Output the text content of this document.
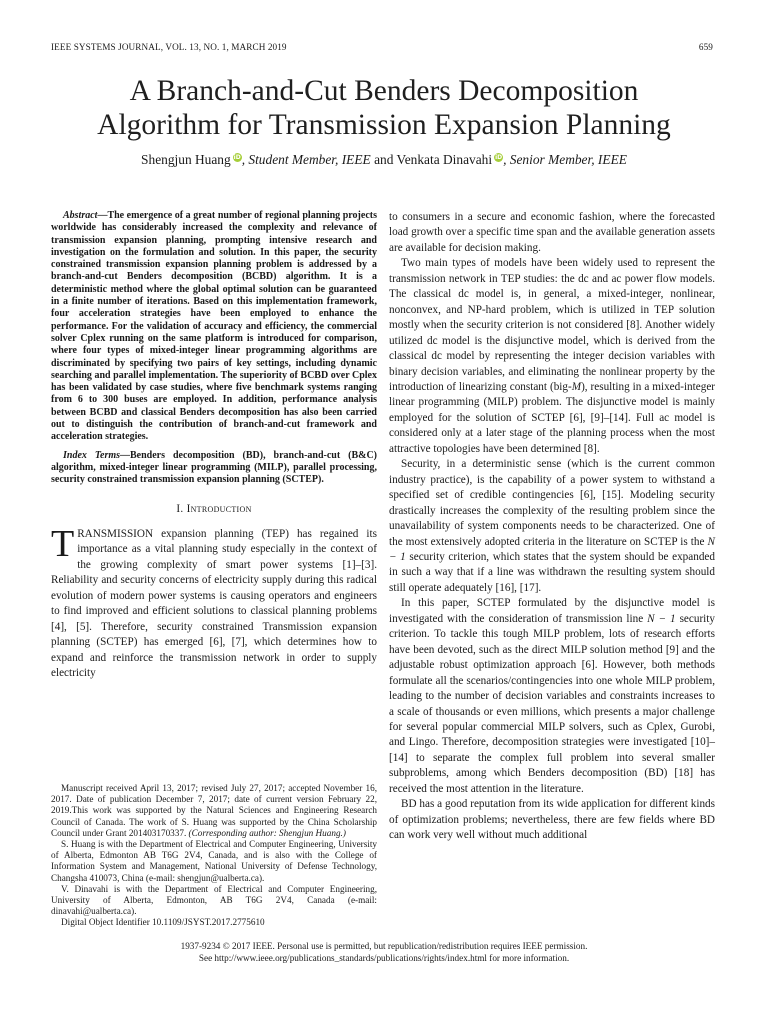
IEEE SYSTEMS JOURNAL, VOL. 13, NO. 1, MARCH 2019	659
A Branch-and-Cut Benders Decomposition
Algorithm for Transmission Expansion Planning
Shengjun Huang iD, Student Member, IEEE and Venkata Dinavahi iD, Senior Member, IEEE

Abstract—The emergence of a great number of regional planning projects worldwide has considerably increased the complexity and relevance of transmission expansion planning, prompting intensive research and investigation on the formulation and solution. In this paper, the security constrained transmission expansion planning problem is addressed by a branch-and-cut Benders decomposition (BCBD) algorithm. It is a deterministic method where the global optimal solution can be guaranteed in a finite number of iterations. Based on this implementation framework, four acceleration strategies have been employed to enhance the performance. For the validation of accuracy and efficiency, the commercial solver Cplex running on the same platform is introduced for comparison, where four types of mixed-integer linear programming algorithms are discriminated by specifying two pairs of key settings, including dynamic searching and parallel implementation. The superiority of BCBD over Cplex has been validated by case studies, where five benchmark systems ranging from 6 to 300 buses are employed. In addition, performance analysis between BCBD and classical Benders decomposition has also been carried out to distinguish the contribution of branch-and-cut framework and acceleration strategies.

Index Terms—Benders decomposition (BD), branch-and-cut (B&C) algorithm, mixed-integer linear programming (MILP), parallel processing, security constrained transmission expansion planning (SCTEP).

I. Introduction

TRANSMISSION expansion planning (TEP) has regained its importance as a vital planning study especially in the context of the growing complexity of smart power systems [1]–[3]. Reliability and security concerns of electricity supply during this radical evolution of modern power systems is causing operators and engineers to find improved and efficient solutions to classical planning problems [4], [5]. Therefore, security constrained Transmission expansion planning (SCTEP) has emerged [6], [7], which determines how to expand and reinforce the transmission network in order to supply electricity

Manuscript received April 13, 2017; revised July 27, 2017; accepted November 16, 2017. Date of publication December 7, 2017; date of current version February 22, 2019.This work was supported by the Natural Sciences and Engineering Research Council of Canada. The work of S. Huang was supported by the China Scholarship Council under Grant 201403170337. (Corresponding author: Shengjun Huang.)

S. Huang is with the Department of Electrical and Computer Engineering, University of Alberta, Edmonton AB T6G 2V4, Canada, and is also with the College of Information System and Management, National University of Defense Technology, Changsha 410073, China (e-mail: shengjun@ualberta.ca).

V. Dinavahi is with the Department of Electrical and Computer Engineering, University of Alberta, Edmonton, AB T6G 2V4, Canada (e-mail: dinavahi@ualberta.ca).

Digital Object Identifier 10.1109/JSYST.2017.2775610

to consumers in a secure and economic fashion, where the forecasted load growth over a specific time span and the available generation assets are available for decision making.

Two main types of models have been widely used to represent the transmission network in TEP studies: the dc and ac power flow models. The classical dc model is, in general, a mixed-integer, nonlinear, nonconvex, and NP-hard problem, which is utilized in TEP solution mostly when the security criterion is not considered [8]. Another widely utilized dc model is the disjunctive model, which is derived from the classical dc model by representing the integer decision variables with binary decision variables, and eliminating the nonlinear property by the introduction of linearizing constant (big-M), resulting in a mixed-integer linear programming (MILP) problem. The disjunctive model is mainly employed for the solution of SCTEP [6], [9]–[14]. Full ac model is considered only at a later stage of the planning process when the most attractive topologies have been determined [8].

Security, in a deterministic sense (which is the current common industry practice), is the capability of a power system to withstand a specified set of credible contingencies [6], [15]. Modeling security drastically increases the complexity of the resulting problem since the unavailability of system components needs to be characterized. One of the most extensively adopted criteria in the literature on SCTEP is the N − 1 security criterion, which states that the system should be expanded in such a way that if a line was withdrawn the resulting system should still operate adequately [16], [17].

In this paper, SCTEP formulated by the disjunctive model is investigated with the consideration of transmission line N − 1 security criterion. To tackle this tough MILP problem, lots of research efforts have been devoted, such as the direct MILP solution method [9] and the adjustable robust optimization approach [6]. However, both methods formulate all the scenarios/contingencies into one whole MILP problem, leading to the number of decision variables and constraints increases to a scale of thousands or even millions, which presents a major challenge for several popular commercial MILP solvers, such as Cplex, Gurobi, and Lingo. Therefore, decomposition strategies were investigated [10]–[14] to separate the complex full problem into several smaller subproblems, among which Benders decomposition (BD) [18] has received the most attention in the literature.

BD has a good reputation from its wide application for different kinds of optimization problems; nevertheless, there are few fields where BD can work very well without much additional

1937-9234 © 2017 IEEE. Personal use is permitted, but republication/redistribution requires IEEE permission.
See http://www.ieee.org/publications_standards/publications/rights/index.html for more information.
